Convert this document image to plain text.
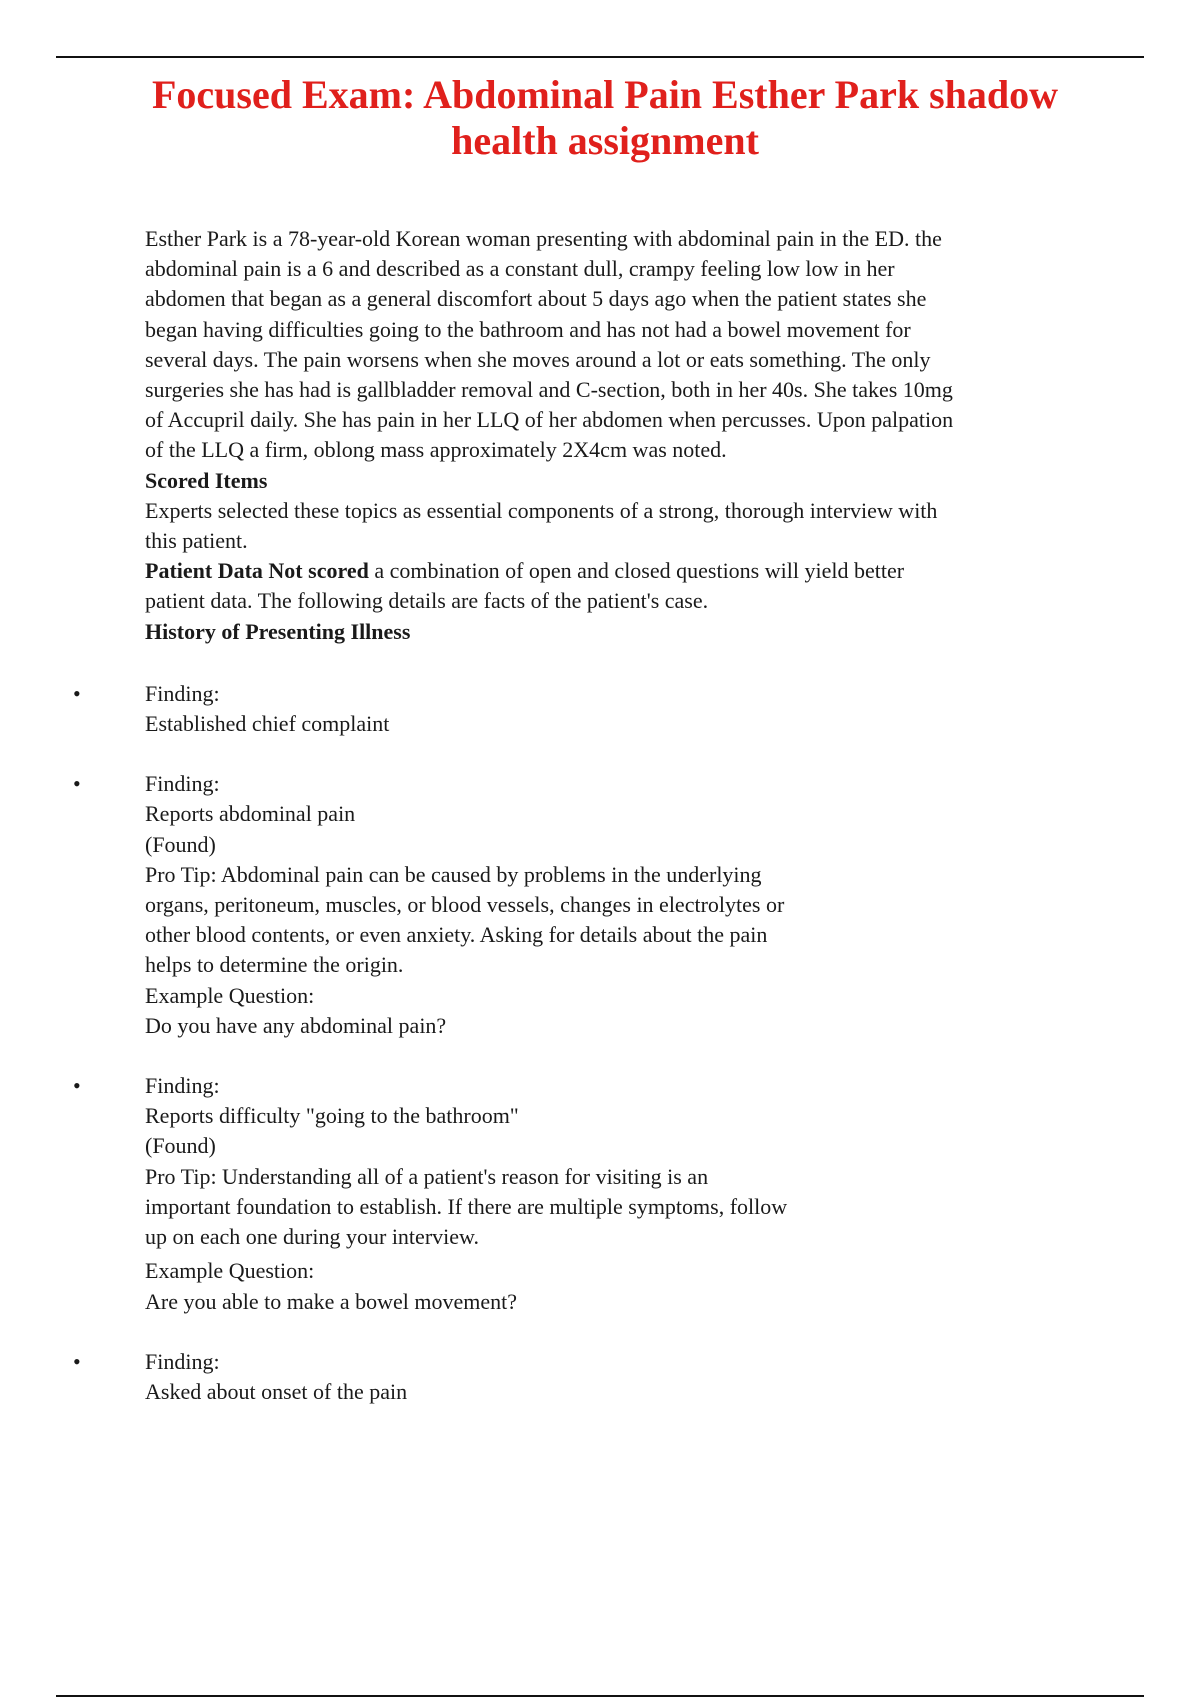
Focused Exam: Abdominal Pain Esther Park shadow health assignment

Esther Park is a 78-year-old Korean woman presenting with abdominal pain in the ED. the abdominal pain is a 6 and described as a constant dull, crampy feeling low low in her abdomen that began as a general discomfort about 5 days ago when the patient states she began having difficulties going to the bathroom and has not had a bowel movement for several days. The pain worsens when she moves around a lot or eats something. The only surgeries she has had is gallbladder removal and C-section, both in her 40s. She takes 10mg of Accupril daily. She has pain in her LLQ of her abdomen when percusses. Upon palpation of the LLQ a firm, oblong mass approximately 2X4cm was noted.

Scored Items

Experts selected these topics as essential components of a strong, thorough interview with this patient.

Patient Data Not scored a combination of open and closed questions will yield better patient data. The following details are facts of the patient's case.

History of Presenting Illness
•	Finding:
Established chief complaint
•	Finding:
Reports abdominal pain
(Found)
Pro Tip: Abdominal pain can be caused by problems in the underlying organs, peritoneum, muscles, or blood vessels, changes in electrolytes or other blood contents, or even anxiety. Asking for details about the pain helps to determine the origin.
Example Question:
Do you have any abdominal pain?
•	Finding:
Reports difficulty "going to the bathroom"
(Found)
Pro Tip: Understanding all of a patient's reason for visiting is an important foundation to establish. If there are multiple symptoms, follow up on each one during your interview.
Example Question:
Are you able to make a bowel movement?
•	Finding:
Asked about onset of the pain
